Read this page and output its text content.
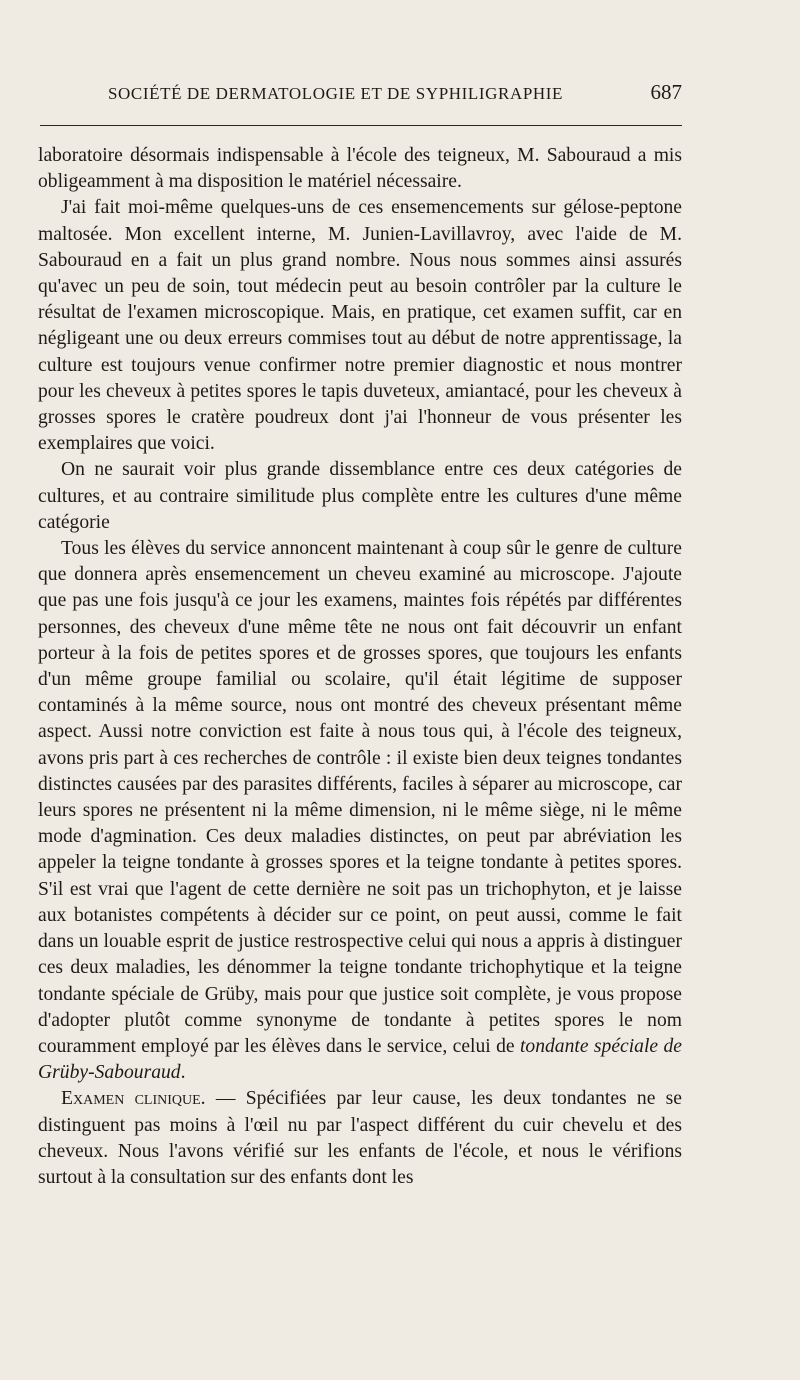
SOCIÉTÉ DE DERMATOLOGIE ET DE SYPHILIGRAPHIE	687

laboratoire désormais indispensable à l'école des teigneux, M. Sabouraud a mis obligeamment à ma disposition le matériel nécessaire.

J'ai fait moi-même quelques-uns de ces ensemencements sur gélose-peptone maltosée. Mon excellent interne, M. Junien-Lavillavroy, avec l'aide de M. Sabouraud en a fait un plus grand nombre. Nous nous sommes ainsi assurés qu'avec un peu de soin, tout médecin peut au besoin contrôler par la culture le résultat de l'examen microscopique. Mais, en pratique, cet examen suffit, car en négligeant une ou deux erreurs commises tout au début de notre apprentissage, la culture est toujours venue confirmer notre premier diagnostic et nous montrer pour les cheveux à petites spores le tapis duveteux, amiantacé, pour les cheveux à grosses spores le cratère poudreux dont j'ai l'honneur de vous présenter les exemplaires que voici.

On ne saurait voir plus grande dissemblance entre ces deux catégories de cultures, et au contraire similitude plus complète entre les cultures d'une même catégorie

Tous les élèves du service annoncent maintenant à coup sûr le genre de culture que donnera après ensemencement un cheveu examiné au microscope. J'ajoute que pas une fois jusqu'à ce jour les examens, maintes fois répétés par différentes personnes, des cheveux d'une même tête ne nous ont fait découvrir un enfant porteur à la fois de petites spores et de grosses spores, que toujours les enfants d'un même groupe familial ou scolaire, qu'il était légitime de supposer contaminés à la même source, nous ont montré des cheveux présentant même aspect. Aussi notre conviction est faite à nous tous qui, à l'école des teigneux, avons pris part à ces recherches de contrôle : il existe bien deux teignes tondantes distinctes causées par des parasites différents, faciles à séparer au microscope, car leurs spores ne présentent ni la même dimension, ni le même siège, ni le même mode d'agmination. Ces deux maladies distinctes, on peut par abréviation les appeler la teigne tondante à grosses spores et la teigne tondante à petites spores. S'il est vrai que l'agent de cette dernière ne soit pas un trichophyton, et je laisse aux botanistes compétents à décider sur ce point, on peut aussi, comme le fait dans un louable esprit de justice restrospective celui qui nous a appris à distinguer ces deux maladies, les dénommer la teigne tondante trichophytique et la teigne tondante spéciale de Grüby, mais pour que justice soit complète, je vous propose d'adopter plutôt comme synonyme de tondante à petites spores le nom couramment employé par les élèves dans le service, celui de tondante spéciale de Grüby-Sabouraud.

Examen clinique. — Spécifiées par leur cause, les deux tondantes ne se distinguent pas moins à l'œil nu par l'aspect différent du cuir chevelu et des cheveux. Nous l'avons vérifié sur les enfants de l'école, et nous le vérifions surtout à la consultation sur des enfants dont les
